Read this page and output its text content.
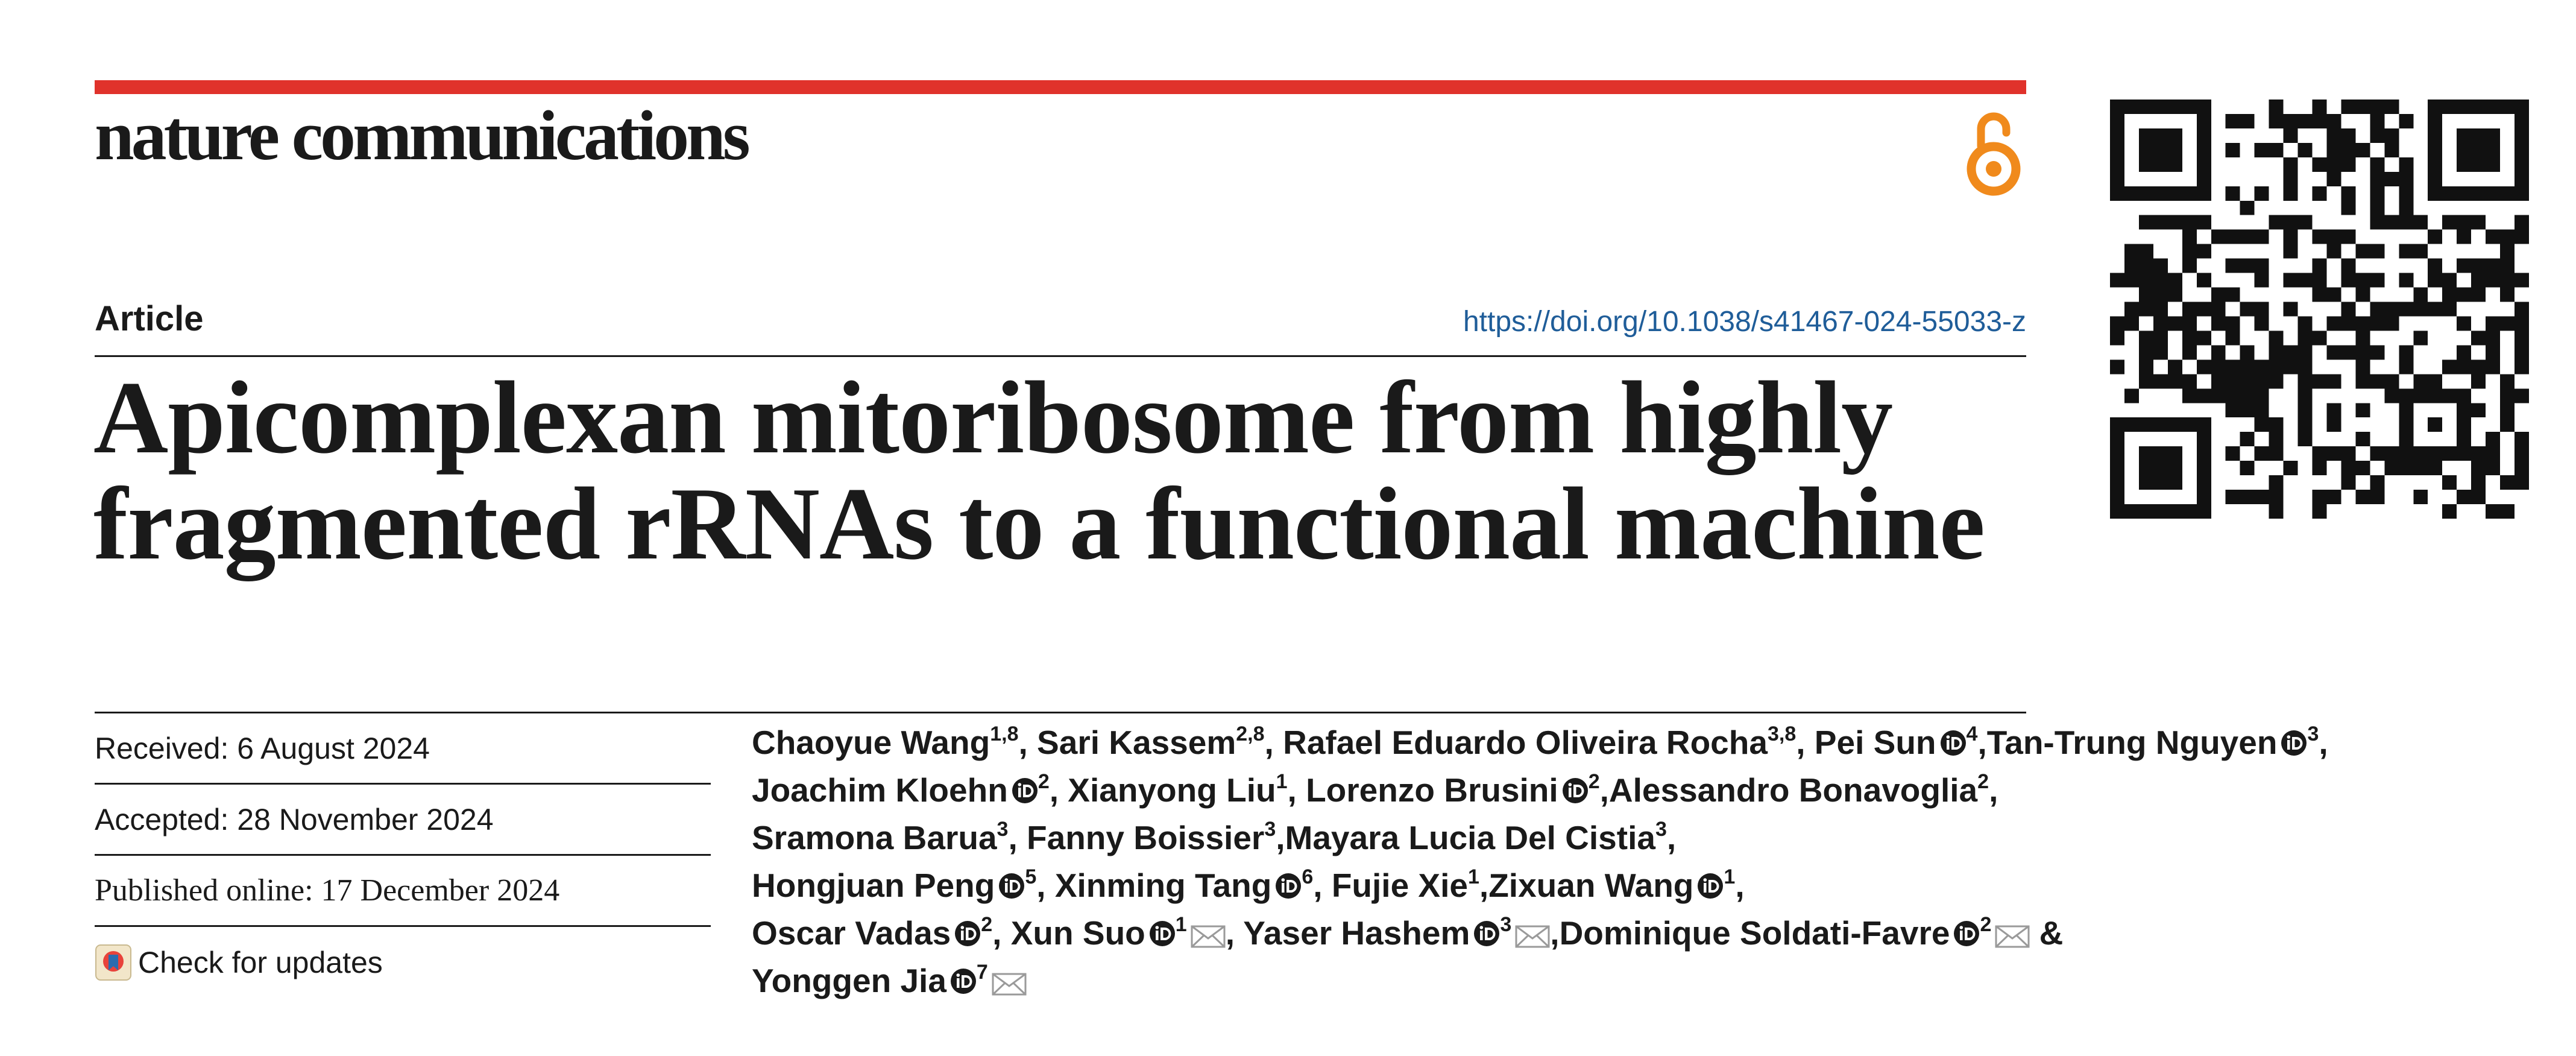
nature communications
Article	https://doi.org/10.1038/s41467-024-55033-z
Apicomplexan mitoribosome from highly
fragmented rRNAs to a functional machine
Received: 6 August 2024
Accepted: 28 November 2024
Published online: 17 December 2024
Check for updates
Chaoyue Wang$^{1,8}$, Sari Kassem$^{2,8}$, Rafael Eduardo Oliveira Rocha$^{3,8}$, Pei Sun $^4$,Tan-Trung Nguyen $^3$,
Joachim Kloehn $^2$, Xianyong Liu$^1$, Lorenzo Brusini $^2$,Alessandro Bonavoglia$^2$,
Sramona Barua$^3$, Fanny Boissier$^3$,Mayara Lucia Del Cistia$^3$,
Hongjuan Peng $^5$, Xinming Tang $^6$, Fujie Xie$^1$,Zixuan Wang $^1$,
Oscar Vadas $^2$, Xun Suo $^1$ , Yaser Hashem $^3$ ,Dominique Soldati-Favre $^2$ &
Yonggen Jia $^7$
